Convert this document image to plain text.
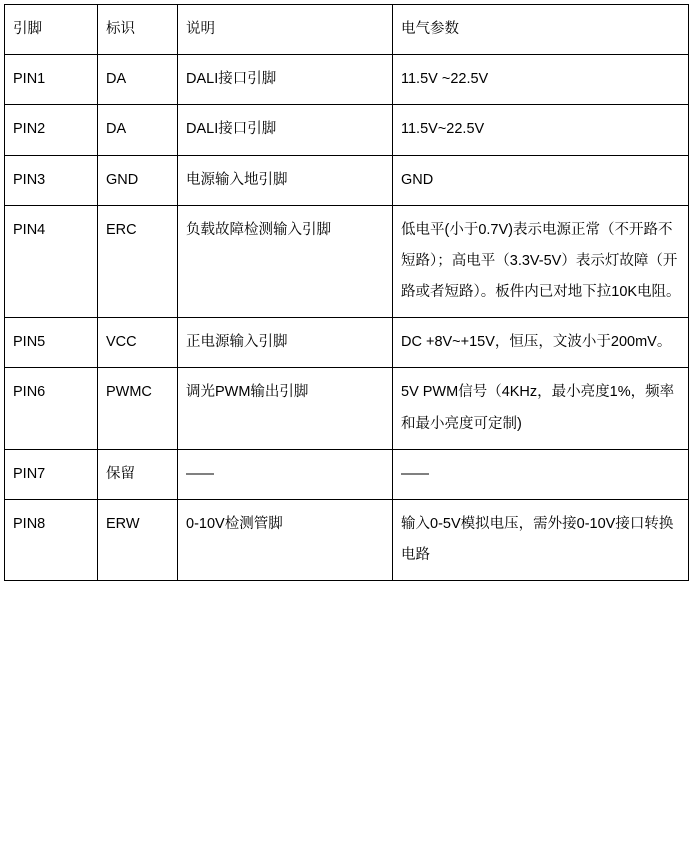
引脚	标识	说明	电气参数

PIN1	DA	DALI接口引脚	11.5V ~22.5V

PIN2	DA	DALI接口引脚	11.5V~22.5V

PIN3	GND	电源输入地引脚	GND

PIN4	ERC	负载故障检测输入引脚	低电平(小于0.7V)表示电源正常（不开路不短路）；高电平（3.3V-5V）表示灯故障（开路或者短路）。板件内已对地下拉10K电阻。

PIN5	VCC	正电源输入引脚	DC +8V~+15V，恒压，文波小于200mV。

PIN6	PWMC	调光PWM输出引脚	5V PWM信号（4KHz，最小亮度1%，频率和最小亮度可定制)

PIN7	保留	——	——

PIN8	ERW	0-10V检测管脚	输入0-5V模拟电压，需外接0-10V接口转换电路
